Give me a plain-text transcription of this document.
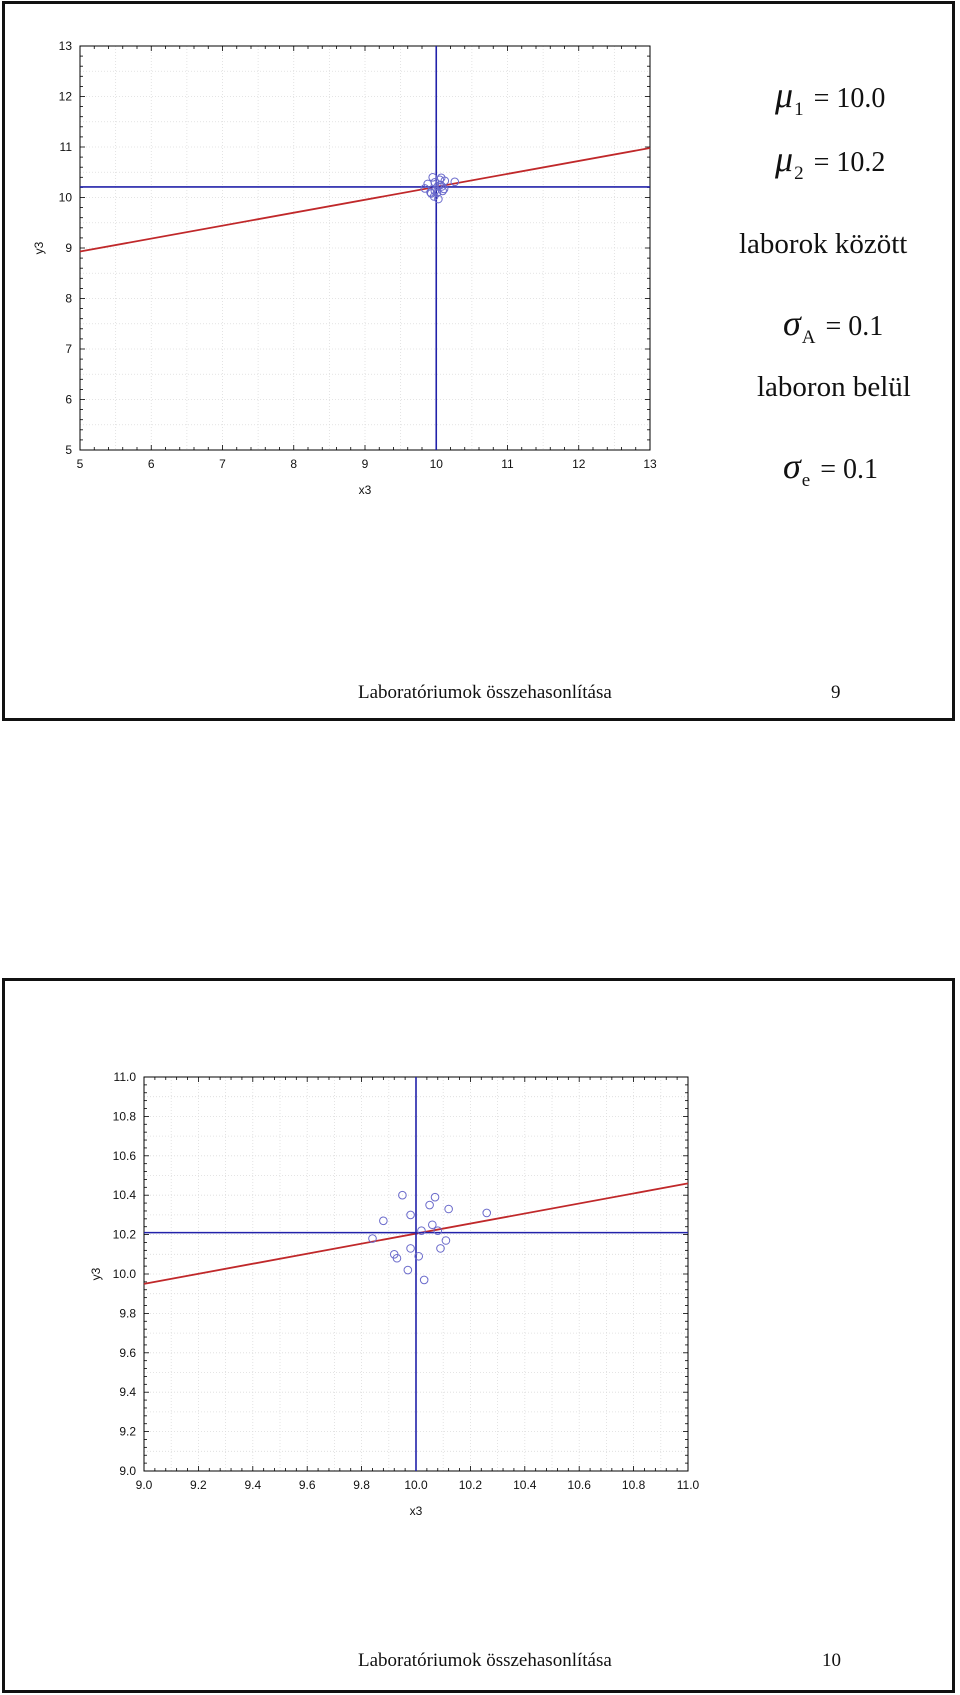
5	6	7	8	9	10	11	12	13
5
6
7
8
9
10
11
12
13
x3
y3
μ1 = 10.0
μ2 = 10.2
laborok között
σA = 0.1
laboron belül
σe = 0.1
Laboratóriumok összehasonlítása	9
9.0	9.2	9.4	9.6	9.8	10.0	10.2	10.4	10.6	10.8	11.0
9.0
9.2
9.4
9.6
9.8
10.0
10.2
10.4
10.6
10.8
11.0
x3
y3
Laboratóriumok összehasonlítása	10
